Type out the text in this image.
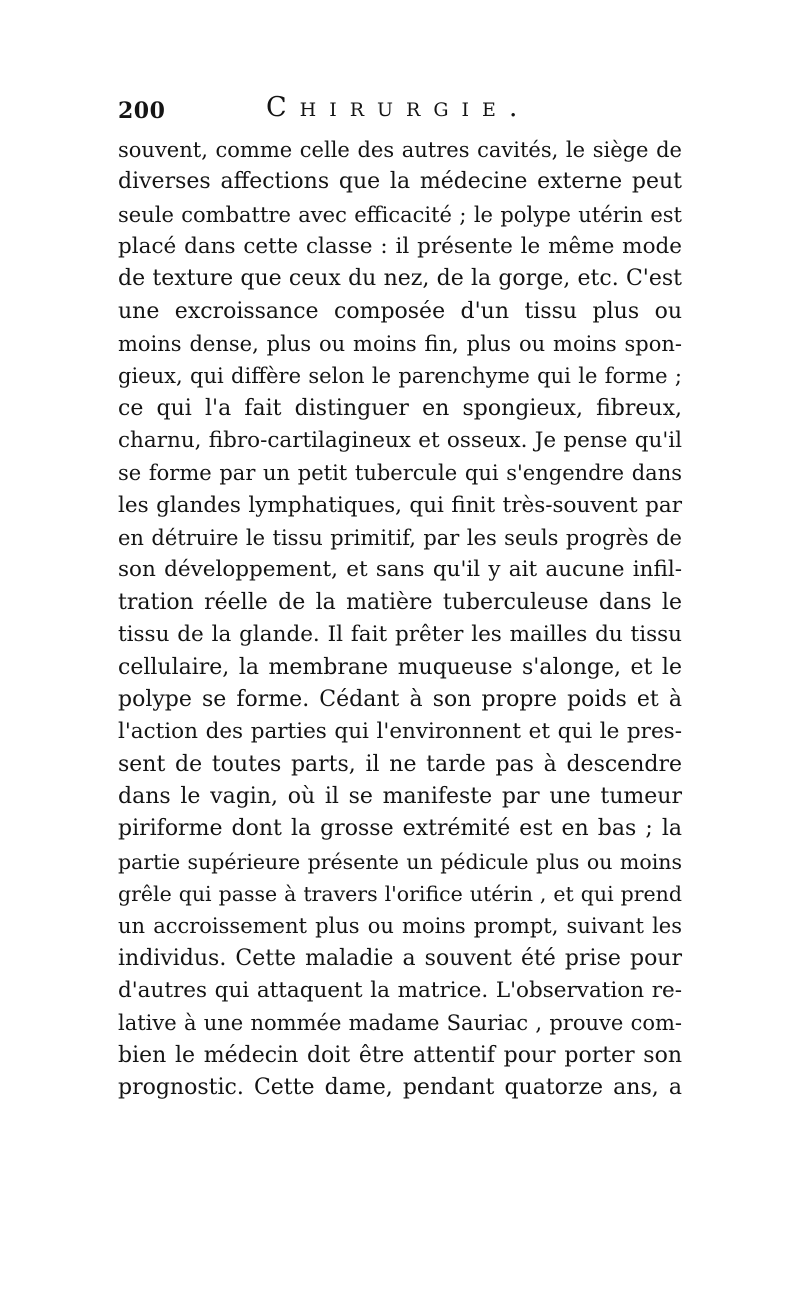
200	Chirurgie.
souvent, comme celle des autres cavités, le siège de
diverses affections que la médecine externe peut
seule combattre avec efficacité ; le polype utérin est
placé dans cette classe : il présente le même mode
de texture que ceux du nez, de la gorge, etc. C'est
une excroissance composée d'un tissu plus ou
moins dense, plus ou moins fin, plus ou moins spon-
gieux, qui diffère selon le parenchyme qui le forme ;
ce qui l'a fait distinguer en spongieux, fibreux,
charnu, fibro-cartilagineux et osseux. Je pense qu'il
se forme par un petit tubercule qui s'engendre dans
les glandes lymphatiques, qui finit très-souvent par
en détruire le tissu primitif, par les seuls progrès de
son développement, et sans qu'il y ait aucune infil-
tration réelle de la matière tuberculeuse dans le
tissu de la glande. Il fait prêter les mailles du tissu
cellulaire, la membrane muqueuse s'alonge, et le
polype se forme. Cédant à son propre poids et à
l'action des parties qui l'environnent et qui le pres-
sent de toutes parts, il ne tarde pas à descendre
dans le vagin, où il se manifeste par une tumeur
piriforme dont la grosse extrémité est en bas ; la
partie supérieure présente un pédicule plus ou moins
grêle qui passe à travers l'orifice utérin , et qui prend
un accroissement plus ou moins prompt, suivant les
individus. Cette maladie a souvent été prise pour
d'autres qui attaquent la matrice. L'observation re-
lative à une nommée madame Sauriac , prouve com-
bien le médecin doit être attentif pour porter son
prognostic. Cette dame, pendant quatorze ans, a
